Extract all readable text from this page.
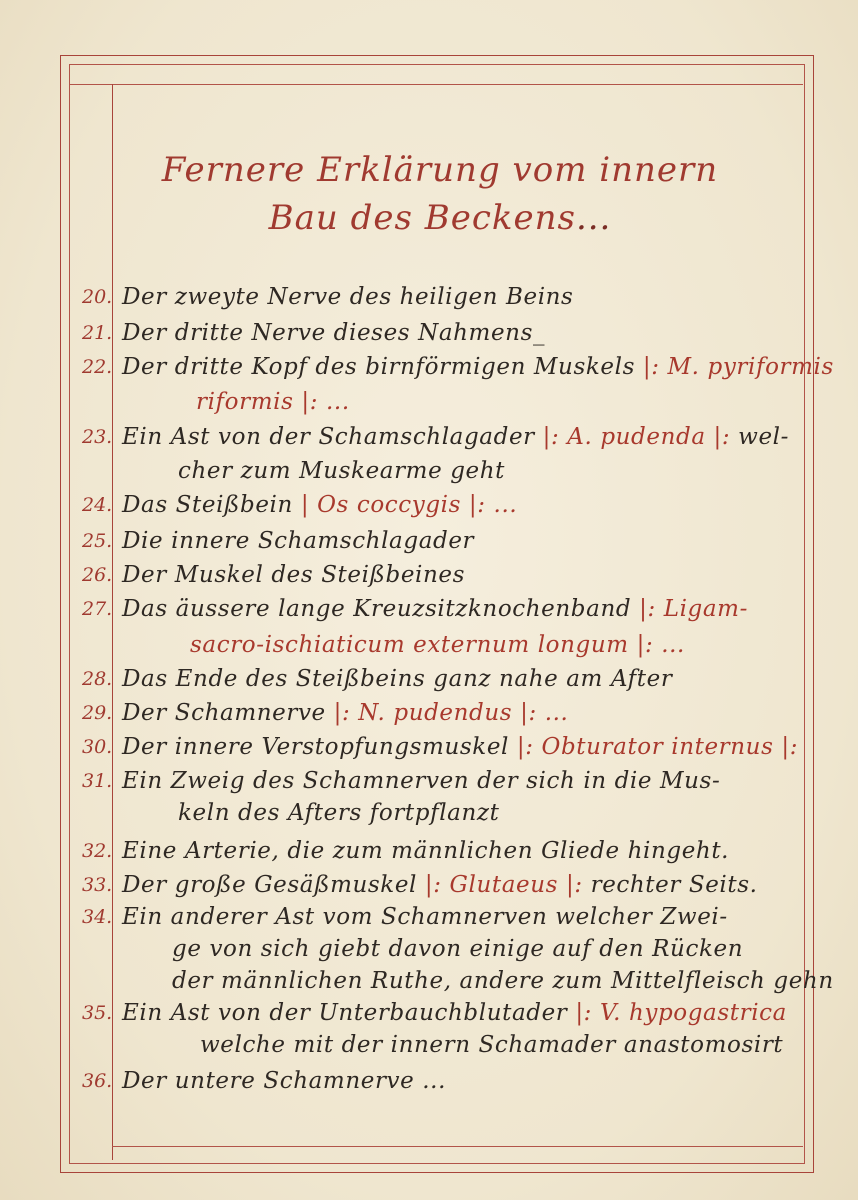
Fernere Erklärung vom innern
Bau des Beckens...
20. Der zweyte Nerve des heiligen Beins
21. Der dritte Nerve dieses Nahmens_
22. Der dritte Kopf des birnförmigen Muskels |: M. pyriformis
riformis |: ...
23. Ein Ast von der Schamschlagader |: A. pudenda |: wel-
cher zum Muskearme geht
24. Das Steißbein | Os coccygis |: ...
25. Die innere Schamschlagader
26. Der Muskel des Steißbeines
27. Das äussere lange Kreuzsitzknochenband |: Ligam-
sacro-ischiaticum externum longum |: ...
28. Das Ende des Steißbeins ganz nahe am After
29. Der Schamnerve |: N. pudendus |: ...
30. Der innere Verstopfungsmuskel |: Obturator internus |:
31. Ein Zweig des Schamnerven der sich in die Mus-
keln des Afters fortpflanzt
32. Eine Arterie, die zum männlichen Gliede hingeht.
33. Der große Gesäßmuskel |: Glutaeus |: rechter Seits.
34. Ein anderer Ast vom Schamnerven welcher Zwei-
ge von sich giebt davon einige auf den Rücken
der männlichen Ruthe, andere zum Mittelfleisch gehn
35. Ein Ast von der Unterbauchblutader |: V. hypogastrica
welche mit der innern Schamader anastomosirt
36. Der untere Schamnerve ...
